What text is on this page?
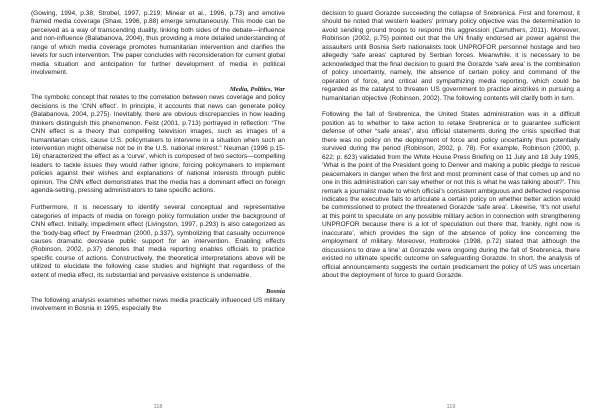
(Gowing, 1994, p.38; Strobel, 1997, p.219; Minear et al., 1996, p.73) and emotive framed media coverage (Shaw, 1996, p.88) emerge simultaneously. This mode can be perceived as a way of transcending duality, linking both sides of the debate—influence and non-influence (Balabanova, 2004), thus providing a more detailed understanding of range of which media coverage promotes humanitarian intervention and clarifies the levels for such intervention. The paper concludes with reconsideration for current global media situation and anticipation for further development of media in political involvement.

Media, Politics, War

The symbolic concept that relates to the correlation between news coverage and policy decisions is the ‘CNN effect’. In principle, it accounts that news can generate policy (Balabanova, 2004, p.275). Inevitably, there are obvious discrepancies in how leading thinkers distinguish this phenomenon. Feist (2001, p.713) portrayed in reflection: “The CNN effect is a theory that compelling television images, such as images of a humanitarian crisis, cause U.S. policymakers to intervene in a situation when such an intervention might otherwise not be in the U.S. national interest.” Neuman (1996 p.15-16) characterized the effect as a ‘curve’, which is composed of two sectors—compelling leaders to tackle issues they would rather ignore; forcing policymakers to implement policies against their wishes and explanations of national interests through public opinion. The CNN effect demonstrates that the media has a dominant effect on foreign agenda-setting, pressing administrators to take specific actions.

Furthermore, it is necessary to identify several conceptual and representative categories of impacts of media on foreign policy formulation under the background of CNN effect. Initially, impediment effect (Livingston, 1997, p.293) is also categorized as the ‘body-bag effect’ by Freedman (2000, p.337), symbolizing that casualty occurrence causes dramatic decrease public support for an intervention. Enabling effects (Robinson, 2002, p.37) denotes that media reporting enables officials to practice specific course of actions. Constructively, the theoretical interpretations above will be utilized to elucidate the following case studies and highlight that regardless of the extent of media effect, its substantial and pervasive existence is undeniable.

Bosnia

The following analysis examines whether news media practically influenced US military involvement in Bosnia in 1995, especially the

118

decision to guard Gorazde succeeding the collapse of Srebrenica. First and foremost, it should be noted that western leaders’ primary policy objective was the determination to avoid sending ground troops to respond this aggression (Carruthers, 2011). Moreover, Robinson (2002, p.75) pointed out that the UN finally endorsed air power against the assaulters until Bosnia Serb nationalists took UNPROFOR personnel hostage and two allegedly ‘safe areas’ captured by Serbian forces. Meanwhile, it is necessary to be acknowledged that the final decision to guard the Gorazde ‘safe area’ is the combination of policy uncertainty, namely, the absence of certain policy and command of the operation of force, and critical and sympathizing media reporting, which could be regarded as the catalyst to threaten US government to practice airstrikes in pursuing a humanitarian objective (Robinson, 2002). The following contents will clarify both in turn.

Following the fall of Srebrenica, the United States administration was in a difficult position as to whether to take action to retake Srebrenica or to guarantee sufficient defense of other “safe areas”, also official statements during the crisis specified that there was no policy on the deployment of force and policy uncertainty thus potentially survived during the period (Robinson, 2002, p. 78). For example, Robinson (2000, p. 622; p. 623) validated from the White House Press Briefing on 11 July and 18 July 1995, ‘What is the point of the President going to Denver and making a public pledge to rescue peacemakers in danger when the first and most prominent case of that comes up and no one in this administration can say whether or not this is what he was talking about?’. This remark a journalist made to which official’s consistent ambiguous and deflected response indicates the executive fails to articulate a certain policy on whether better action would be commissioned to protect the threatened Gorazde ‘safe area’. Likewise, ‘It’s not useful at this point to speculate on any possible military action in connection with strengthening UNPROFOR because there is a lot of speculation out there that, frankly, right now is inaccurate’, which provides the sign of the absence of policy line concerning the employment of military. Moreover, Holbrooke (1998, p.72) stated that although the discussions to draw a line’ at Gorazde were ongoing during the fall of Srebrenica, there existed no ultimate specific outcome on safeguarding Gorazde. In short, the analysis of official announcements suggests the certain predicament the policy of US was uncertain about the deployment of force to guard Gorazde.

119
